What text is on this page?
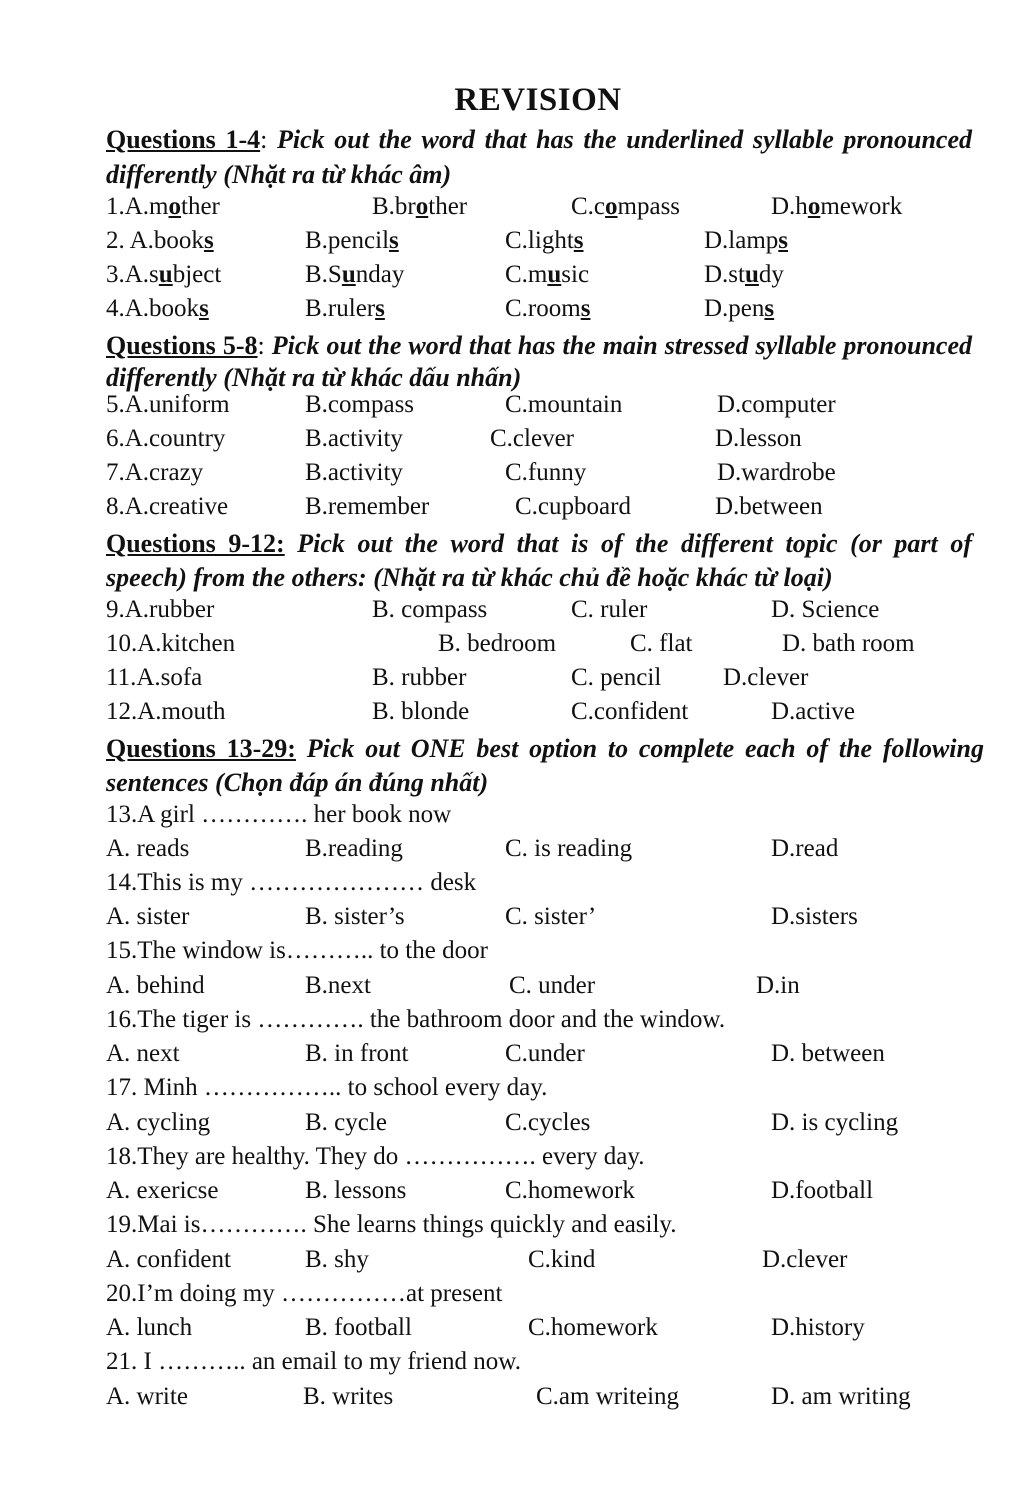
REVISION
Questions 1-4: Pick out the word that has the underlined syllable pronounced
differently (Nhặt ra từ khác âm)
1.A.mother	B.brother	C.compass	D.homework
2. A.books	B.pencils	C.lights	D.lamps
3.A.subject	B.Sunday	C.music	D.study
4.A.books	B.rulers	C.rooms	D.pens
Questions 5-8: Pick out the word that has the main stressed syllable pronounced
differently (Nhặt ra từ khác dấu nhấn)
5.A.uniform	B.compass	C.mountain	D.computer
6.A.country	B.activity	C.clever	D.lesson
7.A.crazy	B.activity	C.funny	D.wardrobe
8.A.creative	B.remember	C.cupboard	D.between
Questions 9-12: Pick out the word that is of the different topic (or part of
speech) from the others: (Nhặt ra từ khác chủ đề hoặc khác từ loại)
9.A.rubber	B. compass	C. ruler	D. Science
10.A.kitchen	B. bedroom	C. flat	D. bath room
11.A.sofa	B. rubber	C. pencil D.clever
12.A.mouth	B. blonde	C.confident	D.active
Questions 13-29: Pick out ONE best option to complete each of the following
sentences (Chọn đáp án đúng nhất)
13.A girl …………. her book now
A. reads	B.reading	C. is reading	D.read
14.This is my ………………… desk
A. sister	B. sister’s	C. sister’	D.sisters
15.The window is……….. to the door
A. behind	B.next	C. under	D.in
16.The tiger is …………. the bathroom door and the window.
A. next	B. in front	C.under	D. between
17. Minh …………….. to school every day.
A. cycling	B. cycle	C.cycles	D. is cycling
18.They are healthy. They do ……………. every day.
A. exericse	B. lessons	C.homework	D.football
19.Mai is…………. She learns things quickly and easily.
A. confident	B. shy	C.kind	D.clever
20.I’m doing my ……………at present
A. lunch	B. football	C.homework	D.history
21. I ……….. an email to my friend now.
A. write	B. writes	C.am writeing	D. am writing
